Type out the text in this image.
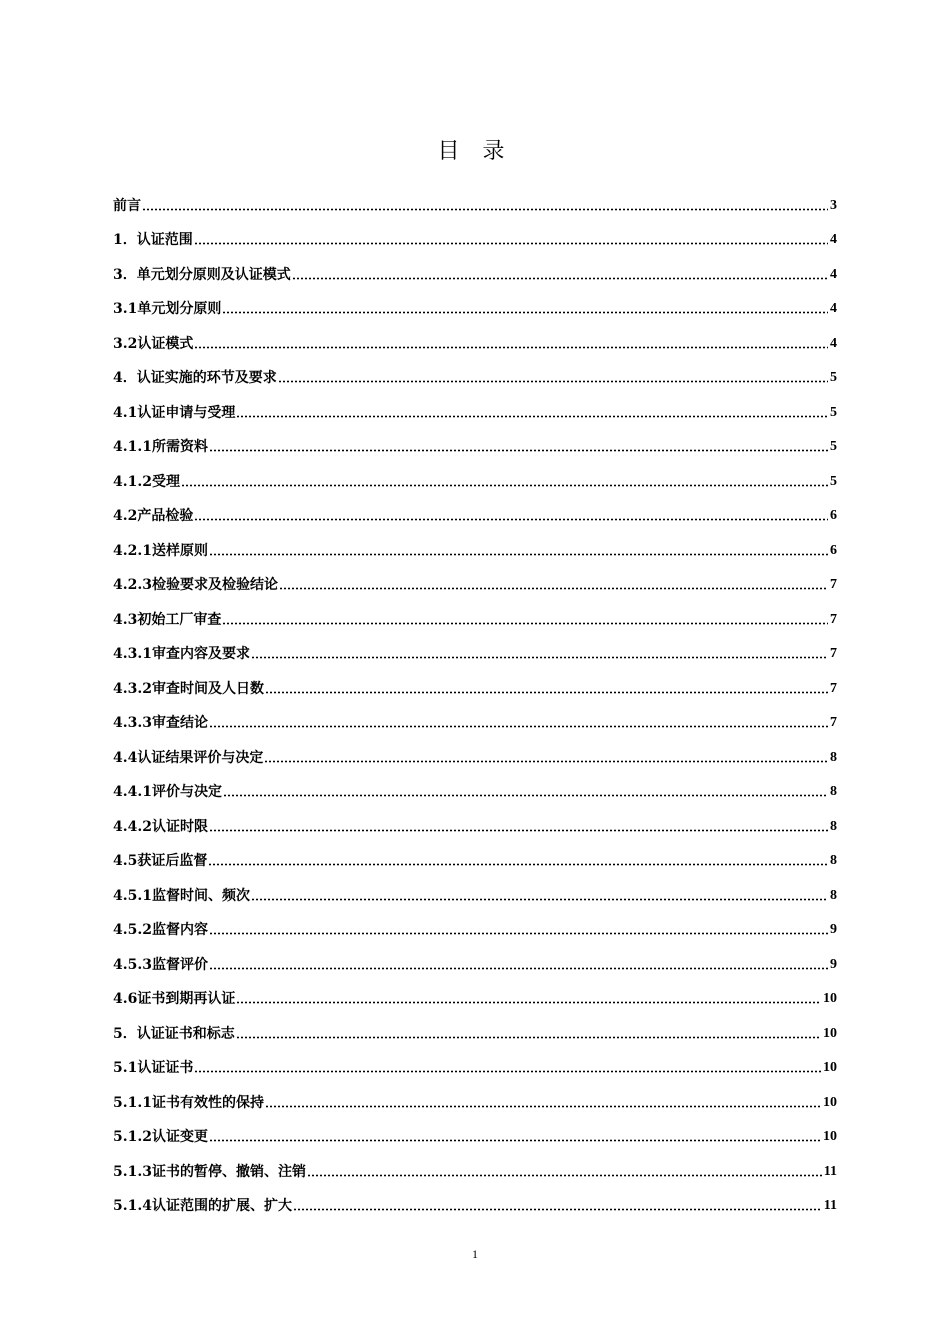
目 录
前言	3
1．认证范围	4
3．单元划分原则及认证模式	4
3.1单元划分原则	4
3.2认证模式	4
4．认证实施的环节及要求	5
4.1认证申请与受理	5
4.1.1所需资料	5
4.1.2受理	5
4.2产品检验	6
4.2.1送样原则	6
4.2.3检验要求及检验结论	7
4.3初始工厂审查	7
4.3.1审查内容及要求	7
4.3.2审查时间及人日数	7
4.3.3审查结论	7
4.4认证结果评价与决定	8
4.4.1评价与决定	8
4.4.2认证时限	8
4.5获证后监督	8
4.5.1监督时间、频次	8
4.5.2监督内容	9
4.5.3监督评价	9
4.6证书到期再认证	10
5．认证证书和标志	10
5.1认证证书	10
5.1.1证书有效性的保持	10
5.1.2认证变更	10
5.1.3证书的暂停、撤销、注销	11
5.1.4认证范围的扩展、扩大	11
1
